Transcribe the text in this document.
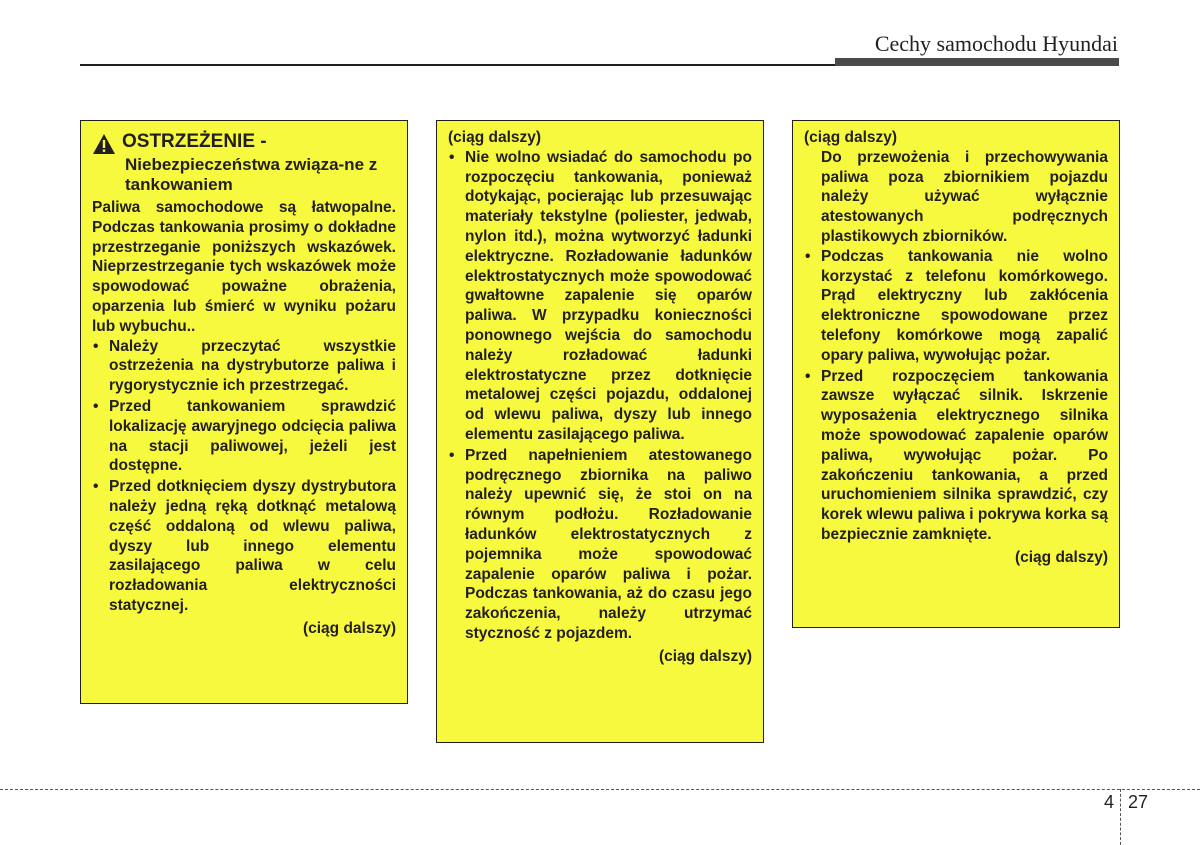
Cechy samochodu Hyundai
OSTRZEŻENIE -
Niebezpieczeństwa związa-ne z tankowaniem
Paliwa samochodowe są łatwopalne. Podczas tankowania prosimy o dokładne przestrzeganie poniższych wskazówek. Nieprzestrzeganie tych wskazówek może spowodować poważne obrażenia, oparzenia lub śmierć w wyniku pożaru lub wybuchu..
• Należy przeczytać wszystkie ostrzeżenia na dystrybutorze paliwa i rygorystycznie ich przestrzegać.
• Przed tankowaniem sprawdzić lokalizację awaryjnego odcięcia paliwa na stacji paliwowej, jeżeli jest dostępne.
• Przed dotknięciem dyszy dystrybutora należy jedną ręką dotknąć metalową część oddaloną od wlewu paliwa, dyszy lub innego elementu zasilającego paliwa w celu rozładowania elektryczności statycznej.
(ciąg dalszy)
(ciąg dalszy)
• Nie wolno wsiadać do samochodu po rozpoczęciu tankowania, ponieważ dotykając, pocierając lub przesuwając materiały tekstylne (poliester, jedwab, nylon itd.), można wytworzyć ładunki elektryczne. Rozładowanie ładunków elektrostatycznych może spowodować gwałtowne zapalenie się oparów paliwa. W przypadku konieczności ponownego wejścia do samochodu należy rozładować ładunki elektrostatyczne przez dotknięcie metalowej części pojazdu, oddalonej od wlewu paliwa, dyszy lub innego elementu zasilającego paliwa.
• Przed napełnieniem atestowanego podręcznego zbiornika na paliwo należy upewnić się, że stoi on na równym podłożu. Rozładowanie ładunków elektrostatycznych z pojemnika może spowodować zapalenie oparów paliwa i pożar. Podczas tankowania, aż do czasu jego zakończenia, należy utrzymać styczność z pojazdem.
(ciąg dalszy)
(ciąg dalszy)
Do przewożenia i przechowywania paliwa poza zbiornikiem pojazdu należy używać wyłącznie atestowanych podręcznych plastikowych zbiorników.
• Podczas tankowania nie wolno korzystać z telefonu komórkowego. Prąd elektryczny lub zakłócenia elektroniczne spowodowane przez telefony komórkowe mogą zapalić opary paliwa, wywołując pożar.
• Przed rozpoczęciem tankowania zawsze wyłączać silnik. Iskrzenie wyposażenia elektrycznego silnika może spowodować zapalenie oparów paliwa, wywołując pożar. Po zakończeniu tankowania, a przed uruchomieniem silnika sprawdzić, czy korek wlewu paliwa i pokrywa korka są bezpiecznie zamknięte.
(ciąg dalszy)
4 27
